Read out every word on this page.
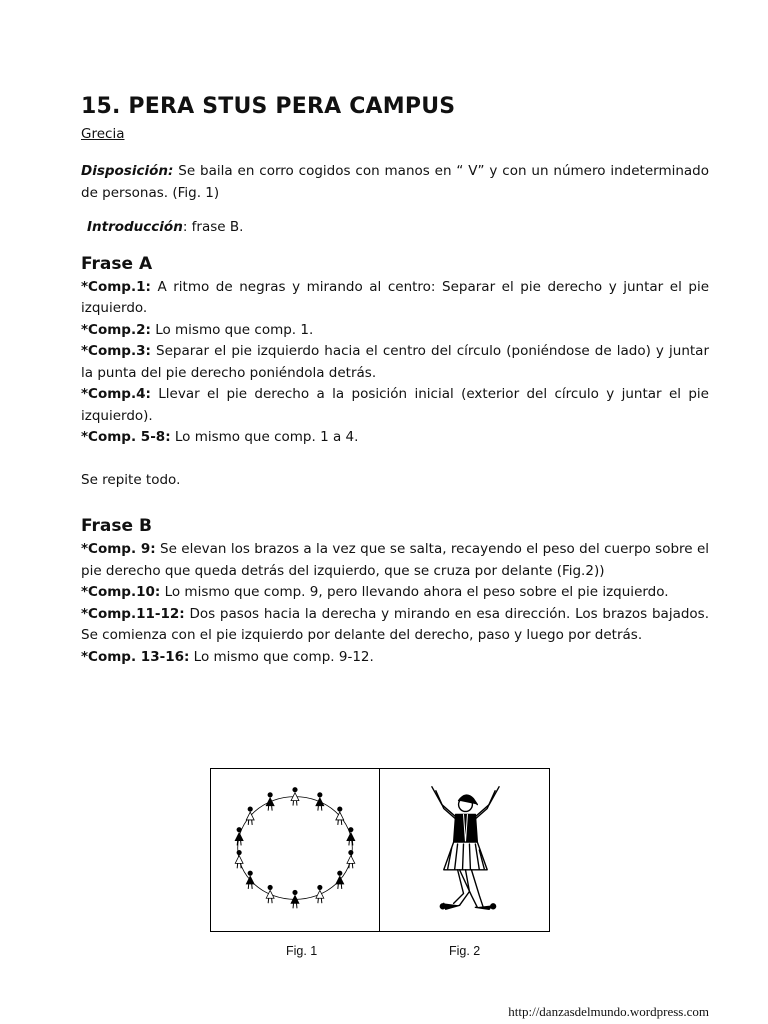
15. PERA STUS PERA CAMPUS
Grecia

Disposición: Se baila en corro cogidos con manos en “ V” y con un número indeterminado de personas. (Fig. 1)

Introducción: frase B.

Frase A

*Comp.1: A ritmo de negras y mirando al centro: Separar el pie derecho y juntar el pie izquierdo.

*Comp.2: Lo mismo que comp. 1.

*Comp.3: Separar el pie izquierdo hacia el centro del círculo (poniéndose de lado) y juntar la punta del pie derecho poniéndola detrás.

*Comp.4: Llevar el pie derecho a la posición inicial (exterior del círculo y juntar el pie izquierdo).

*Comp. 5-8: Lo mismo que comp. 1 a 4.

Se repite todo.

Frase B

*Comp. 9: Se elevan los brazos a la vez que se salta, recayendo el peso del cuerpo sobre el pie derecho que queda detrás del izquierdo, que se cruza por delante (Fig.2))

*Comp.10: Lo mismo que comp. 9, pero llevando ahora el peso sobre el pie izquierdo.

*Comp.11-12: Dos pasos hacia la derecha y mirando en esa dirección. Los brazos bajados. Se comienza con el pie izquierdo por delante del derecho, paso y luego por detrás.

*Comp. 13-16: Lo mismo que comp. 9-12.

Fig. 1	Fig. 2
http://danzasdelmundo.wordpress.com
